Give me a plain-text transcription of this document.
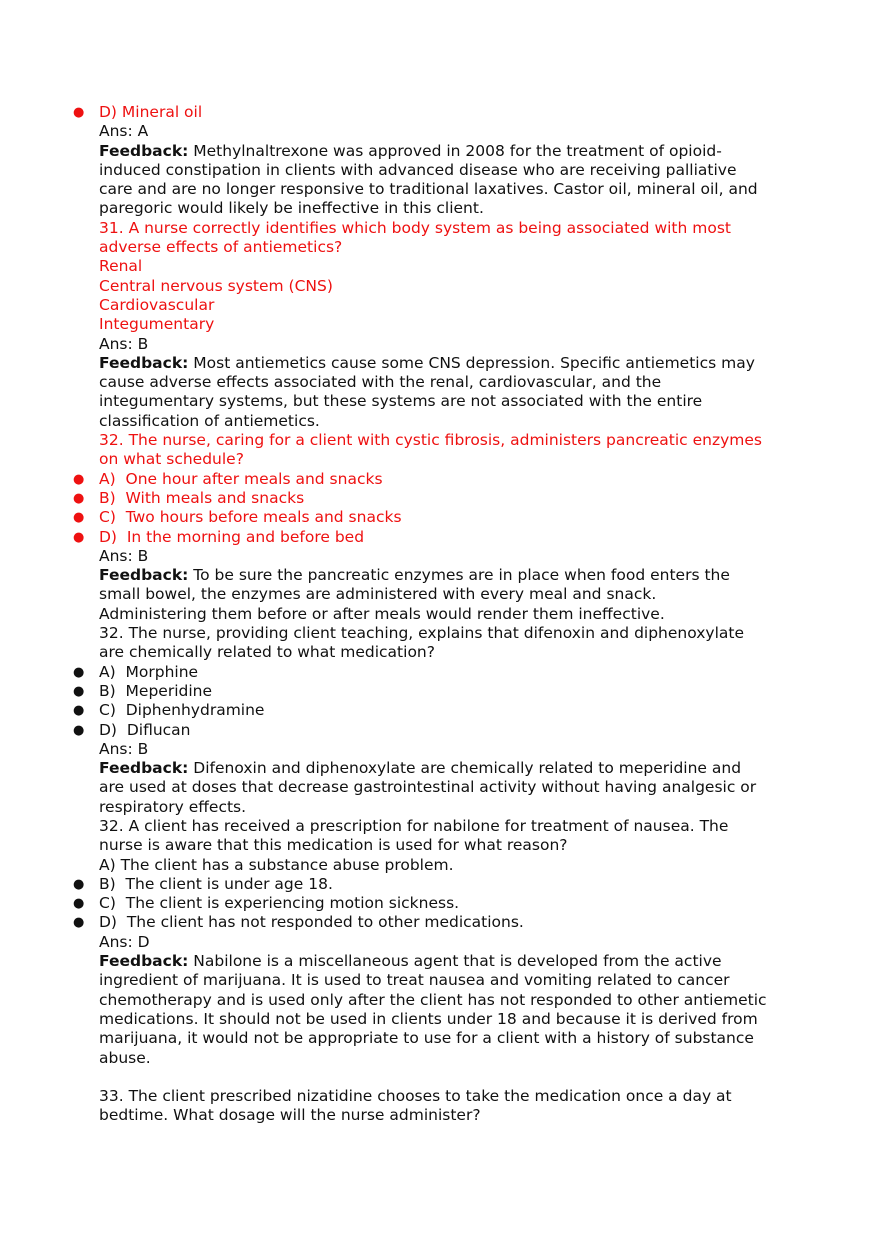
● D) Mineral oil
Ans: A
Feedback: Methylnaltrexone was approved in 2008 for the treatment of opioid-
induced constipation in clients with advanced disease who are receiving palliative
care and are no longer responsive to traditional laxatives. Castor oil, mineral oil, and
paregoric would likely be ineffective in this client.
31. A nurse correctly identifies which body system as being associated with most
adverse effects of antiemetics?
Renal
Central nervous system (CNS)
Cardiovascular
Integumentary
Ans: B
Feedback: Most antiemetics cause some CNS depression. Specific antiemetics may
cause adverse effects associated with the renal, cardiovascular, and the
integumentary systems, but these systems are not associated with the entire
classification of antiemetics.
32. The nurse, caring for a client with cystic fibrosis, administers pancreatic enzymes
on what schedule?
● A)  One hour after meals and snacks
● B)  With meals and snacks
● C)  Two hours before meals and snacks
● D)  In the morning and before bed
Ans: B
Feedback: To be sure the pancreatic enzymes are in place when food enters the
small bowel, the enzymes are administered with every meal and snack.
Administering them before or after meals would render them ineffective.
32. The nurse, providing client teaching, explains that difenoxin and diphenoxylate
are chemically related to what medication?
● A)  Morphine
● B)  Meperidine
● C)  Diphenhydramine
● D)  Diflucan
Ans: B
Feedback: Difenoxin and diphenoxylate are chemically related to meperidine and
are used at doses that decrease gastrointestinal activity without having analgesic or
respiratory effects.
32. A client has received a prescription for nabilone for treatment of nausea. The
nurse is aware that this medication is used for what reason?
A) The client has a substance abuse problem.
● B)  The client is under age 18.
● C)  The client is experiencing motion sickness.
● D)  The client has not responded to other medications.
Ans: D
Feedback: Nabilone is a miscellaneous agent that is developed from the active
ingredient of marijuana. It is used to treat nausea and vomiting related to cancer
chemotherapy and is used only after the client has not responded to other antiemetic
medications. It should not be used in clients under 18 and because it is derived from
marijuana, it would not be appropriate to use for a client with a history of substance
abuse.
33. The client prescribed nizatidine chooses to take the medication once a day at
bedtime. What dosage will the nurse administer?
